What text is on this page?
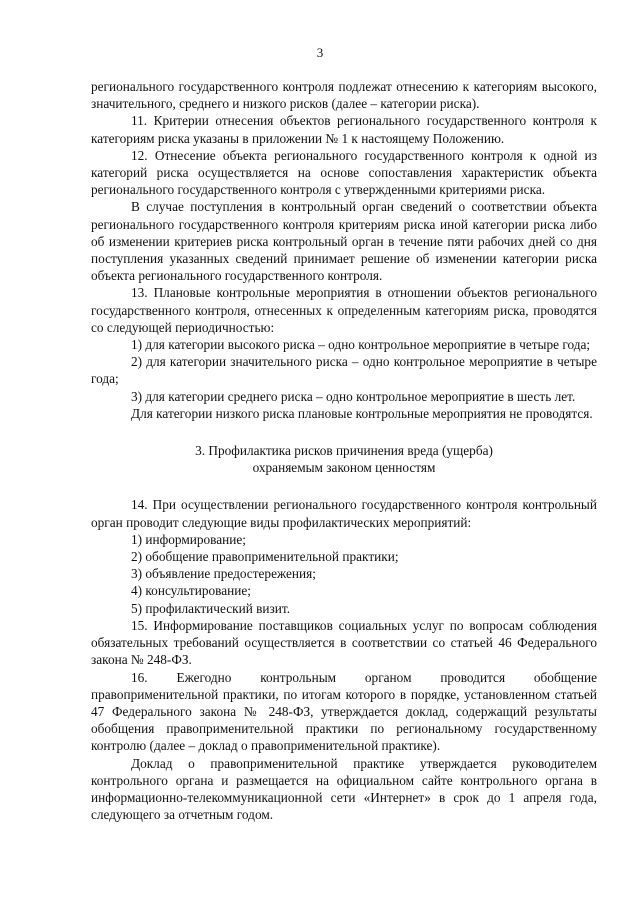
3

регионального государственного контроля подлежат отнесению к категориям высокого, значительного, среднего и низкого рисков (далее – категории риска).

11. Критерии отнесения объектов регионального государственного контроля к категориям риска указаны в приложении № 1 к настоящему Положению.

12. Отнесение объекта регионального государственного контроля к одной из категорий риска осуществляется на основе сопоставления характеристик объекта регионального государственного контроля с утвержденными критериями риска.

В случае поступления в контрольный орган сведений о соответствии объекта регионального государственного контроля критериям риска иной категории риска либо об изменении критериев риска контрольный орган в течение пяти рабочих дней со дня поступления указанных сведений принимает решение об изменении категории риска объекта регионального государственного контроля.

13. Плановые контрольные мероприятия в отношении объектов регионального государственного контроля, отнесенных к определенным категориям риска, проводятся со следующей периодичностью:

1) для категории высокого риска – одно контрольное мероприятие в четыре года;

2) для категории значительного риска – одно контрольное мероприятие в четыре года;

3) для категории среднего риска – одно контрольное мероприятие в шесть лет.

Для категории низкого риска плановые контрольные мероприятия не проводятся.

3. Профилактика рисков причинения вреда (ущерба)
охраняемым законом ценностям

14. При осуществлении регионального государственного контроля контрольный орган проводит следующие виды профилактических мероприятий:

1) информирование;

2) обобщение правоприменительной практики;

3) объявление предостережения;

4) консультирование;

5) профилактический визит.

15. Информирование поставщиков социальных услуг по вопросам соблюдения обязательных требований осуществляется в соответствии со статьей 46 Федерального закона № 248-ФЗ.

16. Ежегодно контрольным органом проводится обобщение правоприменительной практики, по итогам которого в порядке, установленном статьей 47 Федерального закона № 248-ФЗ, утверждается доклад, содержащий результаты обобщения правоприменительной практики по региональному государственному контролю (далее – доклад о правоприменительной практике).

Доклад о правоприменительной практике утверждается руководителем контрольного органа и размещается на официальном сайте контрольного органа в информационно-телекоммуникационной сети «Интернет» в срок до 1 апреля года, следующего за отчетным годом.
